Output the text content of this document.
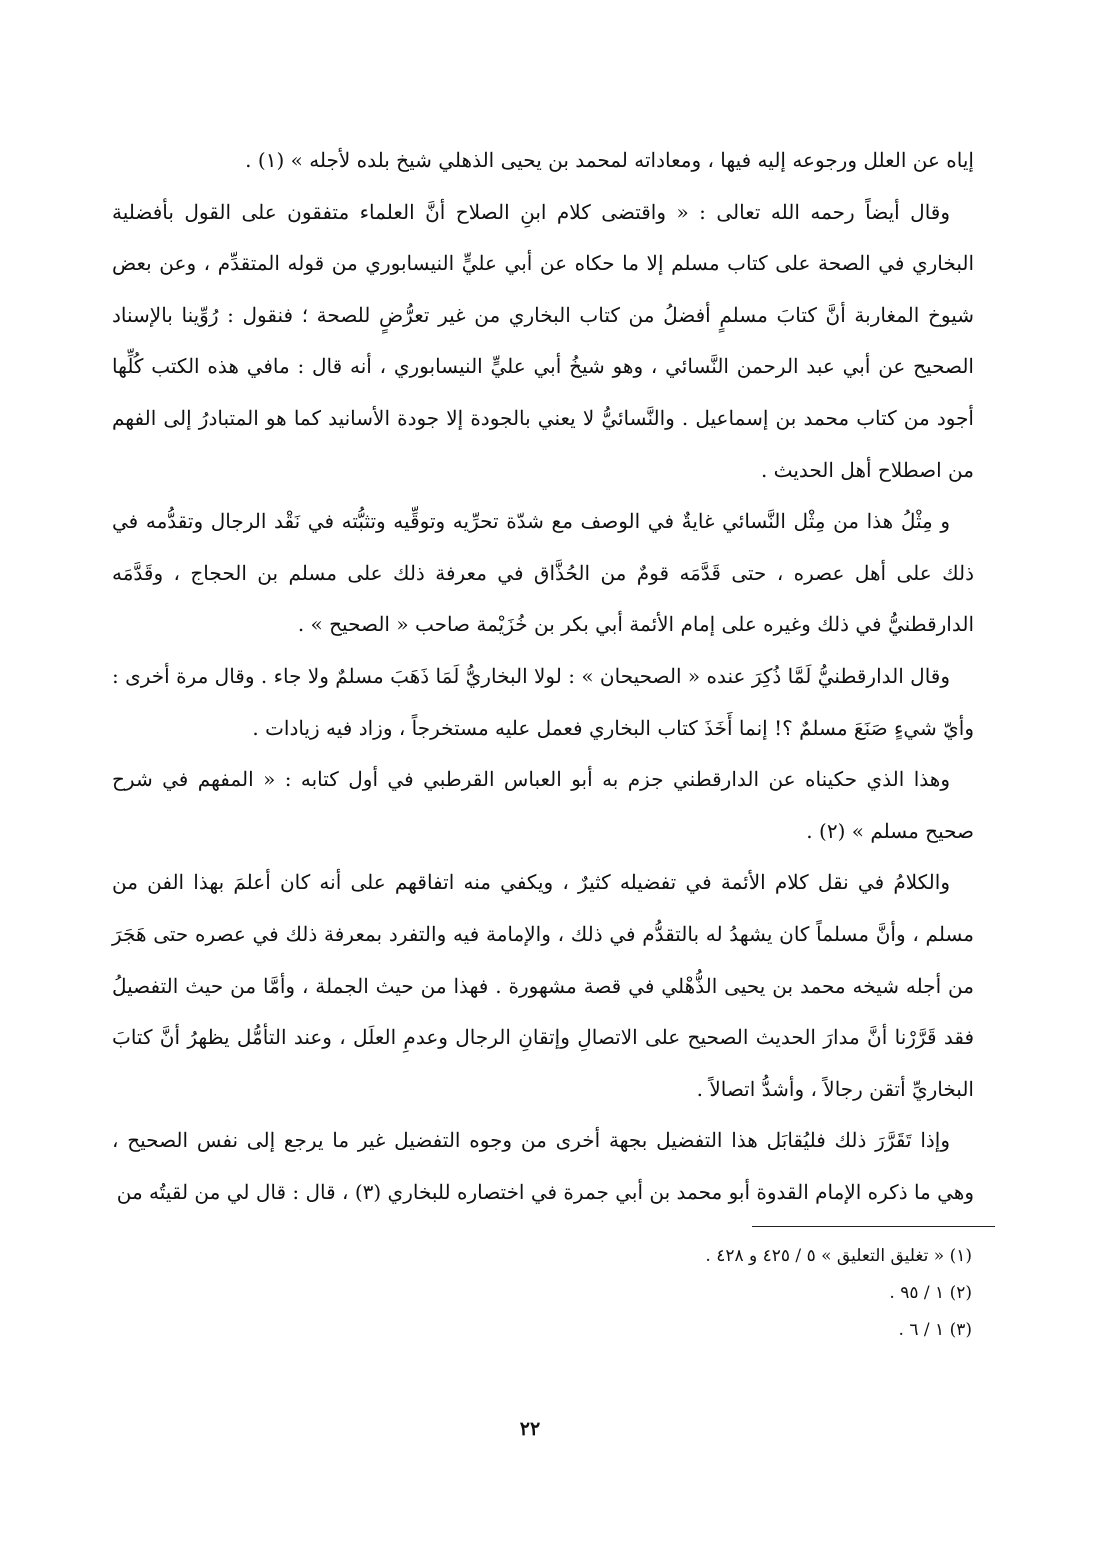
إياه عن العلل ورجوعه إليه فيها ، ومعاداته لمحمد بن يحيى الذهلي شيخ بلده لأجله » (١) .

وقال أيضاً رحمه الله تعالى : « واقتضى كلام ابنِ الصلاح أنَّ العلماء متفقون على القول بأفضلية البخاري في الصحة على كتاب مسلم إلا ما حكاه عن أبي عليٍّ النيسابوري من قوله المتقدِّم ، وعن بعض شيوخ المغاربة أنَّ كتابَ مسلمٍ أفضلُ من كتاب البخاري من غير تعرُّضٍ للصحة ؛ فنقول : رُوِّينا بالإسناد الصحيح عن أبي عبد الرحمن النَّسائي ، وهو شيخُ أبي عليٍّ النيسابوري ، أنه قال : مافي هذه الكتب كُلِّها أجود من كتاب محمد بن إسماعيل . والنَّسائيُّ لا يعني بالجودة إلا جودة الأسانيد كما هو المتبادرُ إلى الفهم من اصطلاح أهل الحديث .

و مِثْلُ هذا من مِثْل النَّسائي غايةٌ في الوصف مع شدّة تحرِّيه وتوقِّيه وتثبُّته في نَقْد الرجال وتقدُّمه في ذلك على أهل عصره ، حتى قَدَّمَه قومٌ من الحُذَّاق في معرفة ذلك على مسلم بن الحجاج ، وقَدَّمَه الدارقطنيُّ في ذلك وغيره على إمام الأئمة أبي بكر بن خُزَيْمة صاحب « الصحيح » .

وقال الدارقطنيُّ لَمَّا ذُكِرَ عنده « الصحيحان » : لولا البخاريُّ لَمَا ذَهَبَ مسلمٌ ولا جاء . وقال مرة أخرى : وأيّ شيءٍ صَنَعَ مسلمٌ ؟! إنما أَخَذَ كتاب البخاري فعمل عليه مستخرجاً ، وزاد فيه زيادات .

وهذا الذي حكيناه عن الدارقطني جزم به أبو العباس القرطبي في أول كتابه : « المفهم في شرح صحيح مسلم » (٢) .

والكلامُ في نقل كلام الأئمة في تفضيله كثيرٌ ، ويكفي منه اتفاقهم على أنه كان أعلمَ بهذا الفن من مسلم ، وأنَّ مسلماً كان يشهدُ له بالتقدُّم في ذلك ، والإمامة فيه والتفرد بمعرفة ذلك في عصره حتى هَجَرَ من أجله شيخه محمد بن يحيى الذُّهْلي في قصة مشهورة . فهذا من حيث الجملة ، وأمَّا من حيث التفصيلُ فقد قَرَّرْنا أنَّ مدارَ الحديث الصحيح على الاتصالِ وإتقانِ الرجال وعدمِ العلَل ، وعند التأمُّل يظهرُ أنَّ كتابَ البخاريِّ أتقن رجالاً ، وأشدُّ اتصالاً .

وإذا تَقَرَّرَ ذلك فليُقابَل هذا التفضيل بجهة أخرى من وجوه التفضيل غير ما يرجع إلى نفس الصحيح ، وهي ما ذكره الإمام القدوة أبو محمد بن أبي جمرة في اختصاره للبخاري (٣) ، قال : قال لي من لقيتُه من

(١) « تغليق التعليق » ٥ / ٤٢٥ و ٤٢٨ .

(٢) ١ / ٩٥ .

(٣) ١ / ٦ .

٢٢
